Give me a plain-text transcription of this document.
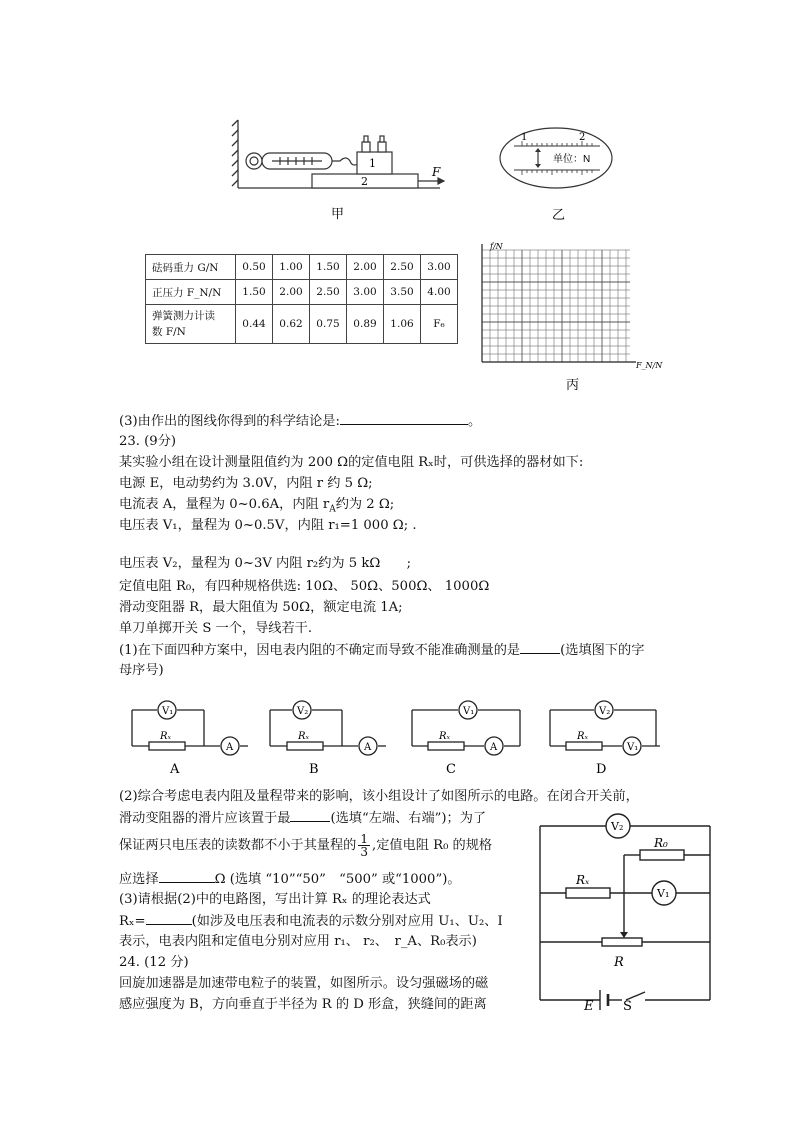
1
2
F
甲
1	2
单位：N
乙
f/N
F_N/N
丙
砝码重力 G/N	0.50	1.00	1.50	2.00	2.50	3.00
正压力 F_N/N	1.50	2.00	2.50	3.00	3.50	4.00
弹簧测力计读
数 F/N	0.44	0.62	0.75	0.89	1.06	F₆
(3)由作出的图线你得到的科学结论是:	。
23. (9分)
某实验小组在设计测量阻值约为 200 Ω的定值电阻 Rₓ时，可供选择的器材如下:
电源 E，电动势约为 3.0V，内阻 r 约 5 Ω;
电流表 A，量程为 0~0.6A，内阻 $r_A$约为 2 Ω;
电压表 V₁，量程为 0~0.5V，内阻 r₁=1 000 Ω; .
电压表 V₂，量程为 0~3V 内阻 r₂约为 5 kΩ　　;
定值电阻 R₀，有四种规格供选: 10Ω、 50Ω、500Ω、 1000Ω
滑动变阻器 R，最大阻值为 50Ω，额定电流 1A;
单刀单掷开关 S 一个，导线若干.
(1)在下面四种方案中，因电表内阻的不确定而导致不能准确测量的是	(选填图下的字
母序号)
V₁
A
Rₓ
V₂
A
Rₓ
V₁
A
Rₓ
V₂
V₁
Rₓ
A	B	C	D
(2)综合考虑电表内阻及量程带来的影响，该小组设计了如图所示的电路。在闭合开关前，
滑动变阻器的滑片应该置于最	(选填“左端、右端”)；为了
保证两只电压表的读数都不小于其量程的 $\frac{1}{3}$ ,定值电阻 R₀ 的规格
应选择	Ω (选填 “10”“50”　“500” 或“1000”)。
(3)请根据(2)中的电路图，写出计算 Rₓ 的理论表达式
Rₓ=	(如涉及电压表和电流表的示数分别对应用 U₁、U₂、I
表示，电表内阻和定值电分别对应用 r₁、 r₂、　r_A、R₀表示)
24. (12 分)
回旋加速器是加速带电粒子的装置，如图所示。设匀强磁场的磁
感应强度为 B，方向垂直于半径为 R 的 D 形盒，狭缝间的距离
V₂
V₁
Rₓ
R₀
R
E S
